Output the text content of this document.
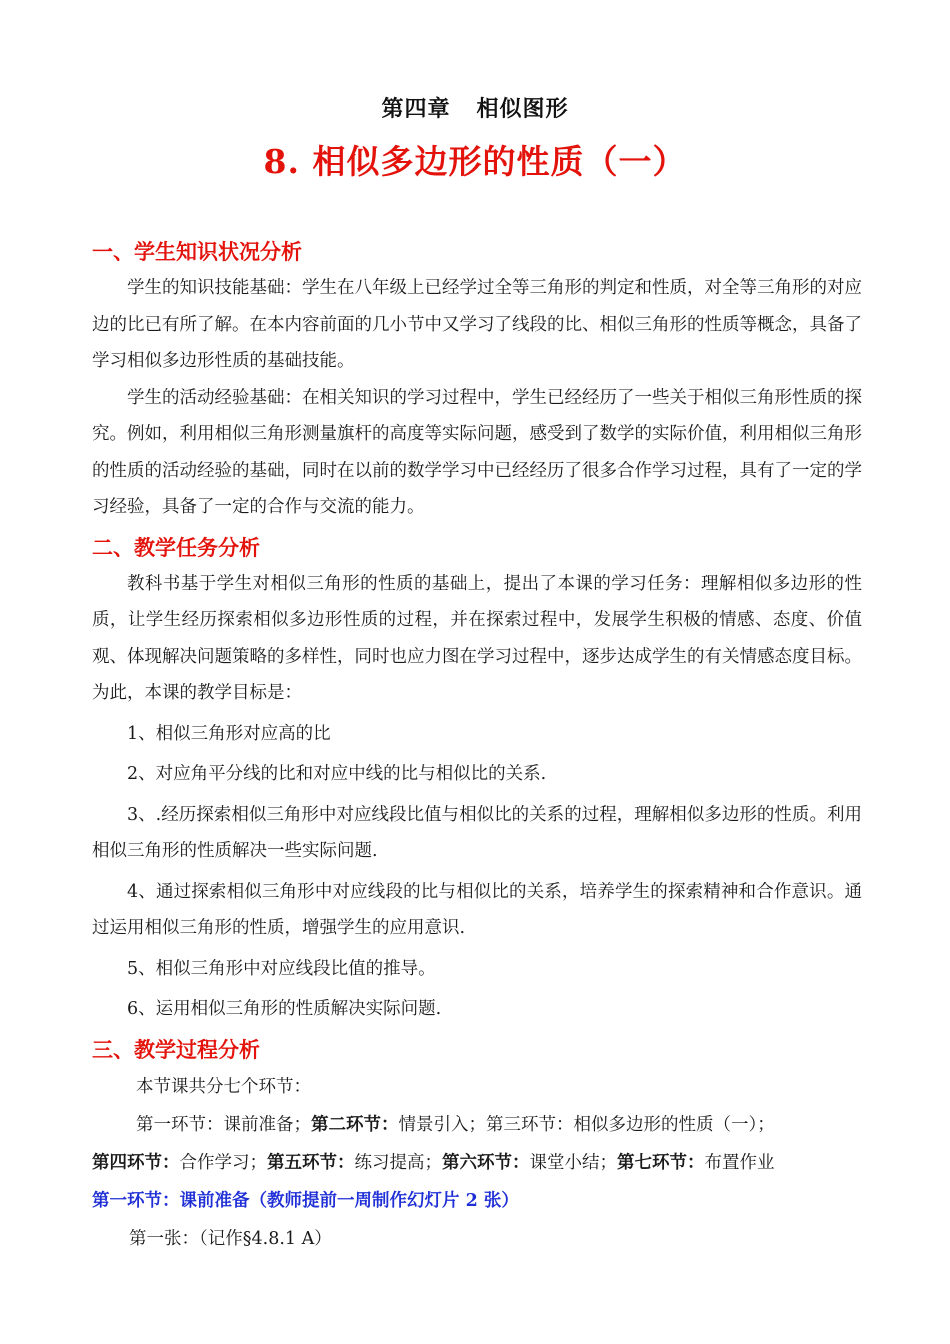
第四章 相似图形
8. 相似多边形的性质（一）
一、学生知识状况分析

学生的知识技能基础：学生在八年级上已经学过全等三角形的判定和性质，对全等三角形的对应边的比已有所了解。在本内容前面的几小节中又学习了线段的比、相似三角形的性质等概念，具备了学习相似多边形性质的基础技能。

学生的活动经验基础：在相关知识的学习过程中，学生已经经历了一些关于相似三角形性质的探究。例如，利用相似三角形测量旗杆的高度等实际问题，感受到了数学的实际价值，利用相似三角形的性质的活动经验的基础，同时在以前的数学学习中已经经历了很多合作学习过程，具有了一定的学习经验，具备了一定的合作与交流的能力。

二、教学任务分析

教科书基于学生对相似三角形的性质的基础上，提出了本课的学习任务：理解相似多边形的性质，让学生经历探索相似多边形性质的过程，并在探索过程中，发展学生积极的情感、态度、价值观、体现解决问题策略的多样性，同时也应力图在学习过程中，逐步达成学生的有关情感态度目标。为此，本课的教学目标是：

1、相似三角形对应高的比

2、对应角平分线的比和对应中线的比与相似比的关系.

3、.经历探索相似三角形中对应线段比值与相似比的关系的过程，理解相似多边形的性质。利用相似三角形的性质解决一些实际问题.

4、通过探索相似三角形中对应线段的比与相似比的关系，培养学生的探索精神和合作意识。通过运用相似三角形的性质，增强学生的应用意识.

5、相似三角形中对应线段比值的推导。

6、运用相似三角形的性质解决实际问题.

三、教学过程分析

本节课共分七个环节：

第一环节：课前准备；第二环节：情景引入；第三环节：相似多边形的性质（一）；

第四环节：合作学习；第五环节：练习提高；第六环节：课堂小结；第七环节：布置作业

第一环节：课前准备（教师提前一周制作幻灯片 2 张）

第一张：（记作§4.8.1 A）
